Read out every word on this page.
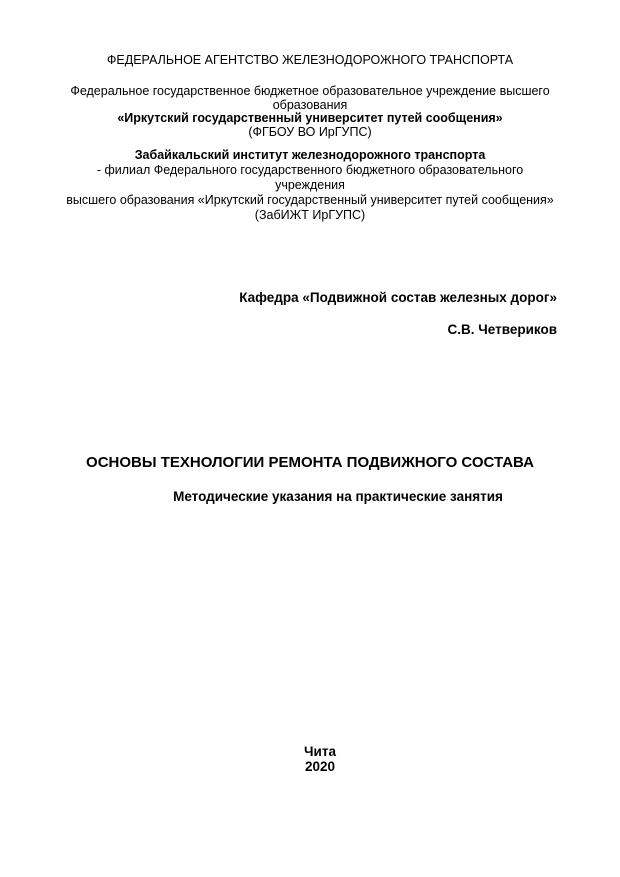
ФЕДЕРАЛЬНОЕ АГЕНТСТВО ЖЕЛЕЗНОДОРОЖНОГО ТРАНСПОРТА
Федеральное государственное бюджетное образовательное учреждение высшего
образования
«Иркутский государственный университет путей сообщения»
(ФГБОУ ВО ИрГУПС)
Забайкальский институт железнодорожного транспорта
- филиал Федерального государственного бюджетного образовательного
учреждения
высшего образования «Иркутский государственный университет путей сообщения»
(ЗабИЖТ ИрГУПС)
Кафедра «Подвижной состав железных дорог»
С.В. Четвериков
ОСНОВЫ ТЕХНОЛОГИИ РЕМОНТА ПОДВИЖНОГО СОСТАВА
Методические указания на практические занятия
Чита
2020
